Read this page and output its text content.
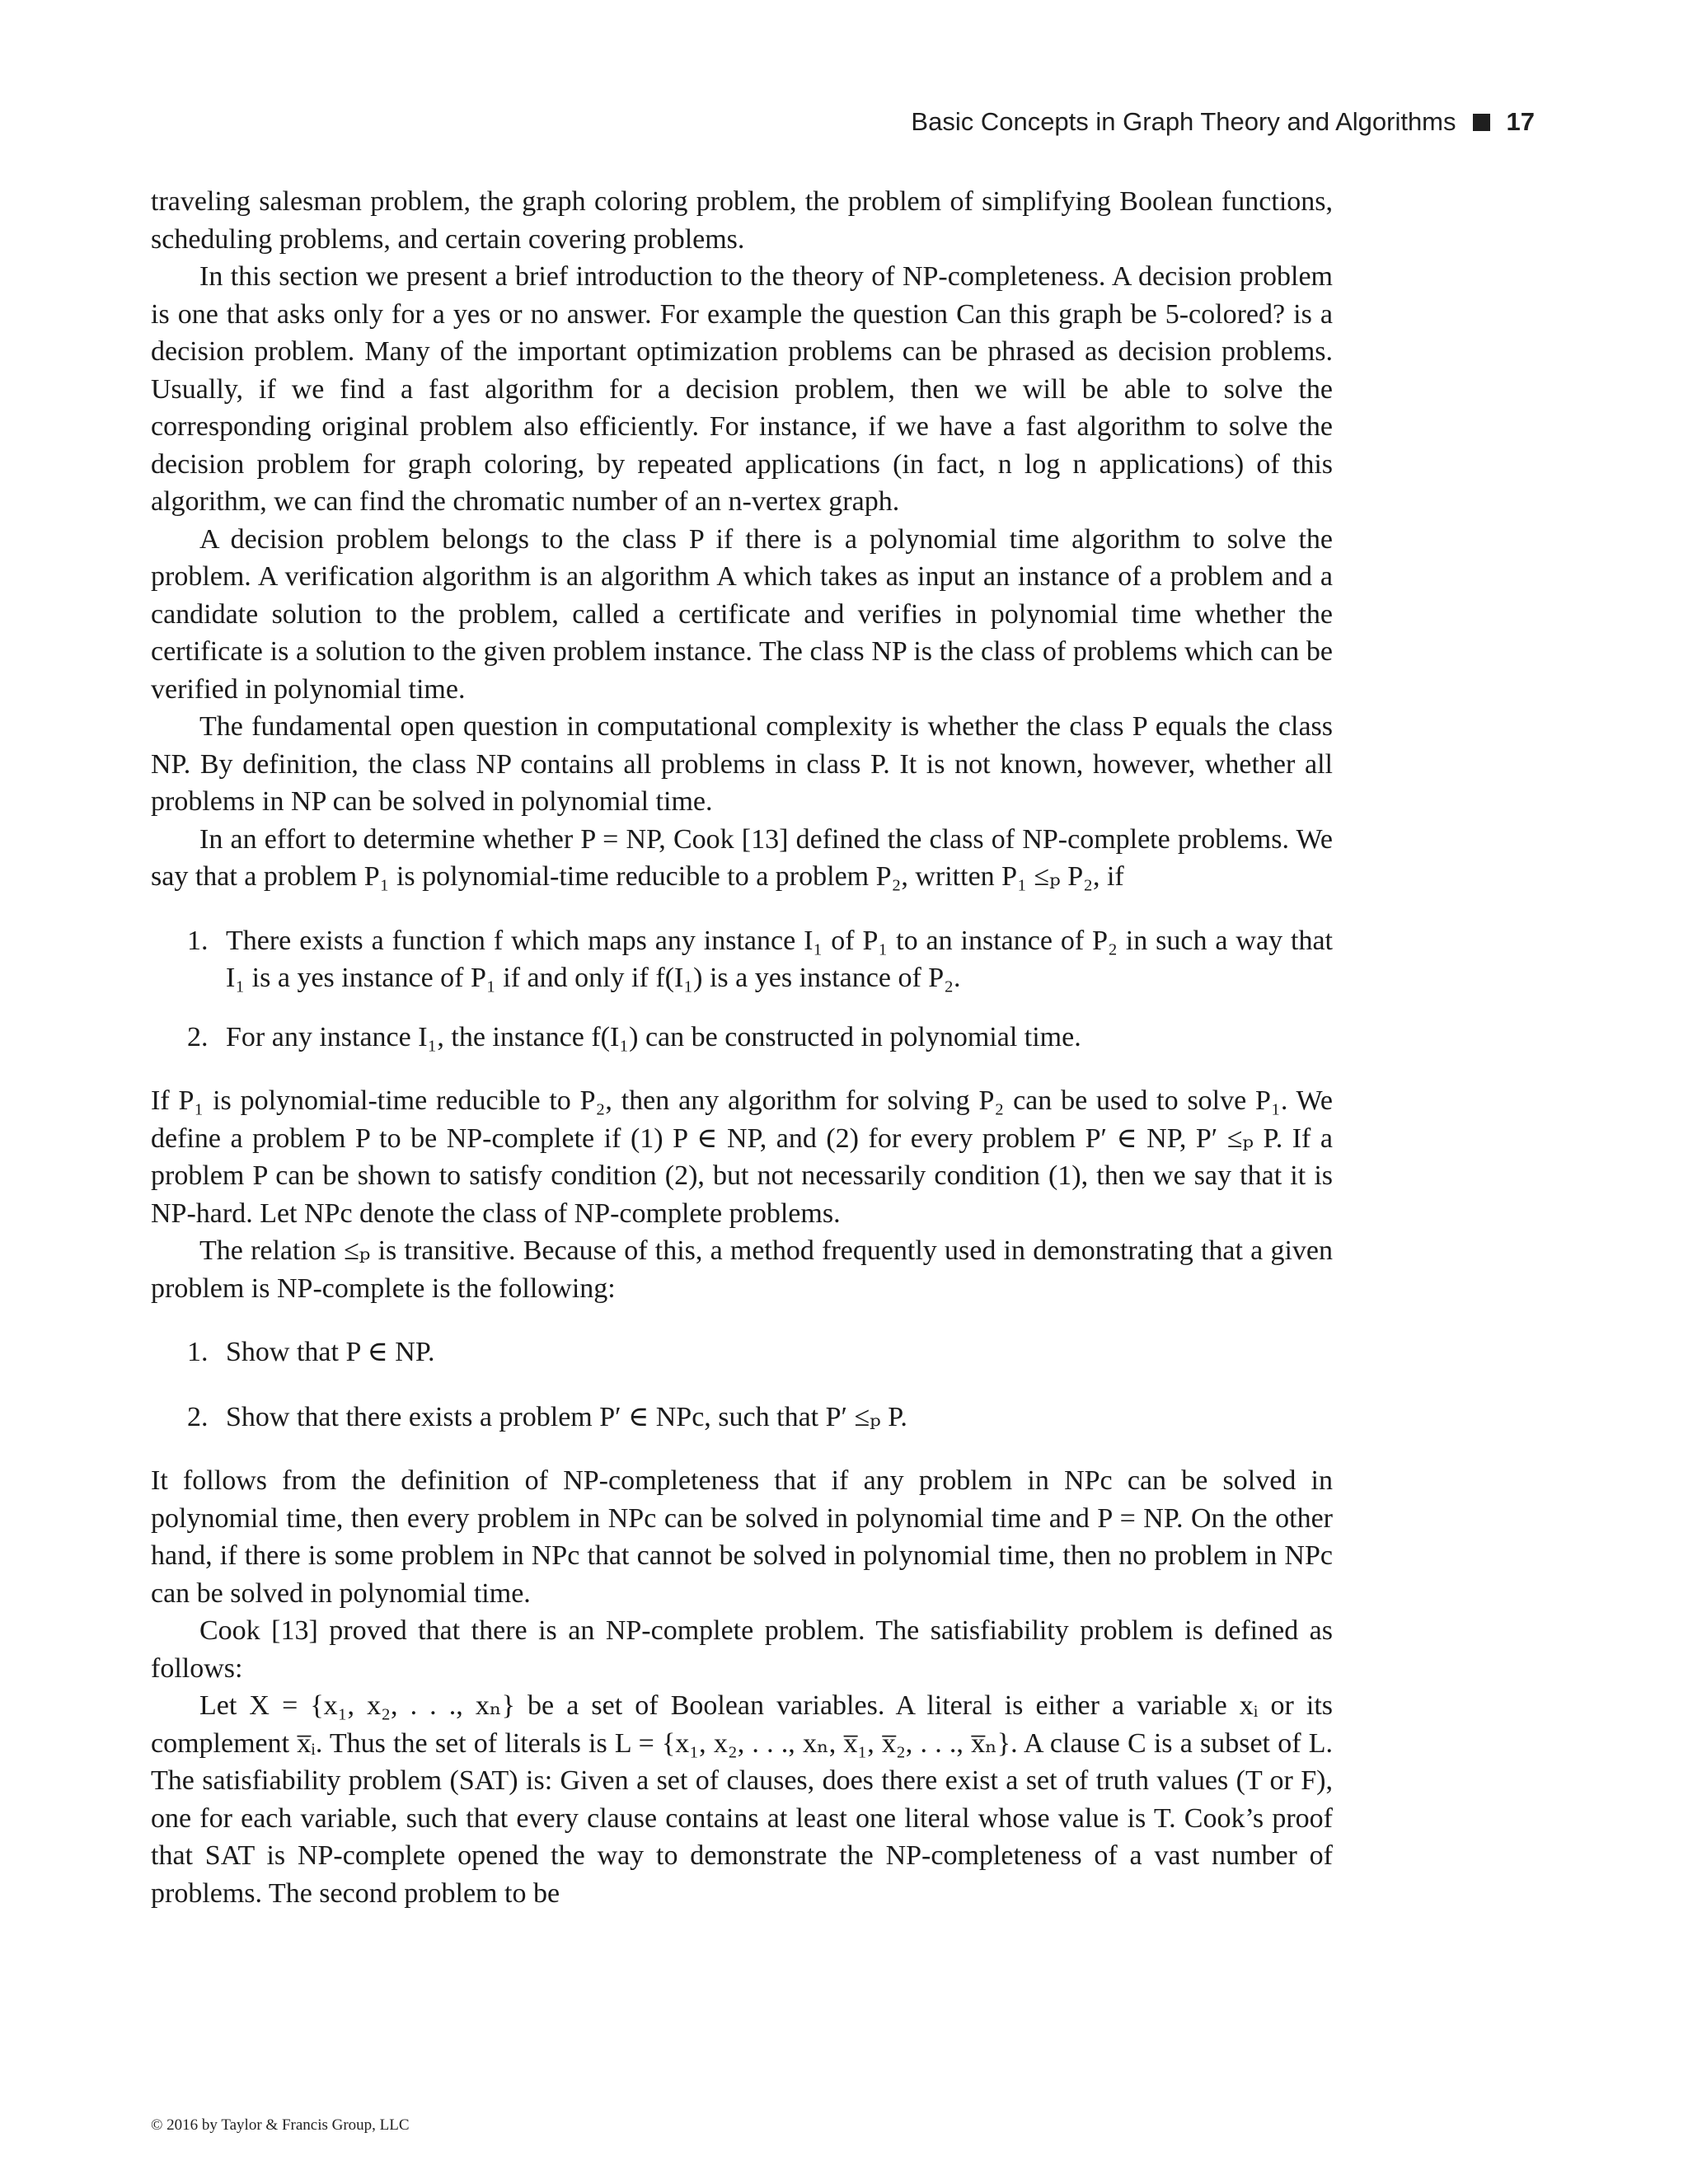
Basic Concepts in Graph Theory and Algorithms 17

traveling salesman problem, the graph coloring problem, the problem of simplifying Boolean functions, scheduling problems, and certain covering problems.

In this section we present a brief introduction to the theory of NP-completeness. A decision problem is one that asks only for a yes or no answer. For example the question Can this graph be 5-colored? is a decision problem. Many of the important optimization problems can be phrased as decision problems. Usually, if we find a fast algorithm for a decision problem, then we will be able to solve the corresponding original problem also efficiently. For instance, if we have a fast algorithm to solve the decision problem for graph coloring, by repeated applications (in fact, n log n applications) of this algorithm, we can find the chromatic number of an n-vertex graph.

A decision problem belongs to the class P if there is a polynomial time algorithm to solve the problem. A verification algorithm is an algorithm A which takes as input an instance of a problem and a candidate solution to the problem, called a certificate and verifies in polynomial time whether the certificate is a solution to the given problem instance. The class NP is the class of problems which can be verified in polynomial time.

The fundamental open question in computational complexity is whether the class P equals the class NP. By definition, the class NP contains all problems in class P. It is not known, however, whether all problems in NP can be solved in polynomial time.

In an effort to determine whether P = NP, Cook [13] defined the class of NP-complete problems. We say that a problem P₁ is polynomial-time reducible to a problem P₂, written P₁ ≤ₚ P₂, if

1. There exists a function f which maps any instance I₁ of P₁ to an instance of P₂ in such a way that I₁ is a yes instance of P₁ if and only if f(I₁) is a yes instance of P₂.
2. For any instance I₁, the instance f(I₁) can be constructed in polynomial time.

If P₁ is polynomial-time reducible to P₂, then any algorithm for solving P₂ can be used to solve P₁. We define a problem P to be NP-complete if (1) P ∈ NP, and (2) for every problem P′ ∈ NP, P′ ≤ₚ P. If a problem P can be shown to satisfy condition (2), but not necessarily condition (1), then we say that it is NP-hard. Let NPc denote the class of NP-complete problems.

The relation ≤ₚ is transitive. Because of this, a method frequently used in demonstrating that a given problem is NP-complete is the following:

1. Show that P ∈ NP.
2. Show that there exists a problem P′ ∈ NPc, such that P′ ≤ₚ P.

It follows from the definition of NP-completeness that if any problem in NPc can be solved in polynomial time, then every problem in NPc can be solved in polynomial time and P = NP. On the other hand, if there is some problem in NPc that cannot be solved in polynomial time, then no problem in NPc can be solved in polynomial time.

Cook [13] proved that there is an NP-complete problem. The satisfiability problem is defined as follows:

Let X = {x₁, x₂, . . ., xₙ} be a set of Boolean variables. A literal is either a variable xᵢ or its complement x̅ᵢ. Thus the set of literals is L = {x₁, x₂, . . ., xₙ, x̅₁, x̅₂, . . ., x̅ₙ}. A clause C is a subset of L. The satisfiability problem (SAT) is: Given a set of clauses, does there exist a set of truth values (T or F), one for each variable, such that every clause contains at least one literal whose value is T. Cook’s proof that SAT is NP-complete opened the way to demonstrate the NP-completeness of a vast number of problems. The second problem to be

© 2016 by Taylor & Francis Group, LLC
